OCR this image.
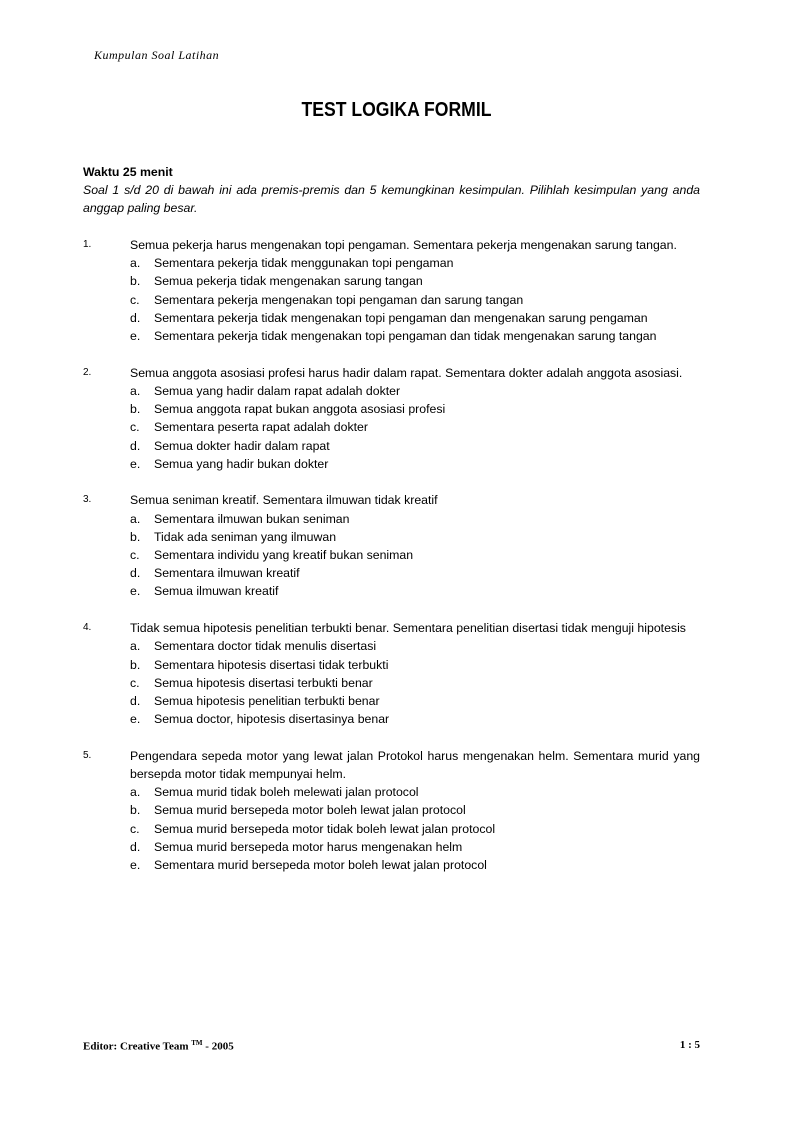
Kumpulan Soal Latihan
TEST LOGIKA FORMIL
Waktu 25 menit
Soal 1 s/d 20 di bawah ini ada premis-premis dan 5 kemungkinan kesimpulan. Pilihlah kesimpulan yang anda anggap paling besar.
1.	Semua pekerja harus mengenakan topi pengaman. Sementara pekerja mengenakan sarung tangan.
a.	Sementara pekerja tidak menggunakan topi pengaman
b.	Semua pekerja tidak mengenakan sarung tangan
c.	Sementara pekerja mengenakan topi pengaman dan sarung tangan
d.	Sementara pekerja tidak mengenakan topi pengaman dan mengenakan sarung pengaman
e.	Sementara pekerja tidak mengenakan topi pengaman dan tidak mengenakan sarung tangan
2.	Semua anggota asosiasi profesi harus hadir dalam rapat. Sementara dokter adalah anggota asosiasi.
a.	Semua yang hadir dalam rapat adalah dokter
b.	Semua anggota rapat bukan anggota asosiasi profesi
c.	Sementara peserta rapat adalah dokter
d.	Semua dokter hadir dalam rapat
e.	Semua yang hadir bukan dokter
3.	Semua seniman kreatif. Sementara ilmuwan tidak kreatif
a.	Sementara ilmuwan bukan seniman
b.	Tidak ada seniman yang ilmuwan
c.	Sementara individu yang kreatif bukan seniman
d.	Sementara ilmuwan kreatif
e.	Semua ilmuwan kreatif
4.	Tidak semua hipotesis penelitian terbukti benar. Sementara penelitian disertasi tidak menguji hipotesis
a.	Sementara doctor tidak menulis disertasi
b.	Sementara hipotesis disertasi tidak terbukti
c.	Semua hipotesis disertasi terbukti benar
d.	Semua hipotesis penelitian terbukti benar
e.	Semua doctor, hipotesis disertasinya benar
5.	Pengendara sepeda motor yang lewat jalan Protokol harus mengenakan helm. Sementara murid yang bersepda motor tidak mempunyai helm.
a.	Semua murid tidak boleh melewati jalan protocol
b.	Semua murid bersepeda motor boleh lewat jalan protocol
c.	Semua murid bersepeda motor tidak boleh lewat jalan protocol
d.	Semua murid bersepeda motor harus mengenakan helm
e.	Sementara murid bersepeda motor boleh lewat jalan protocol
Editor: Creative Team ™ - 2005	1 : 5
